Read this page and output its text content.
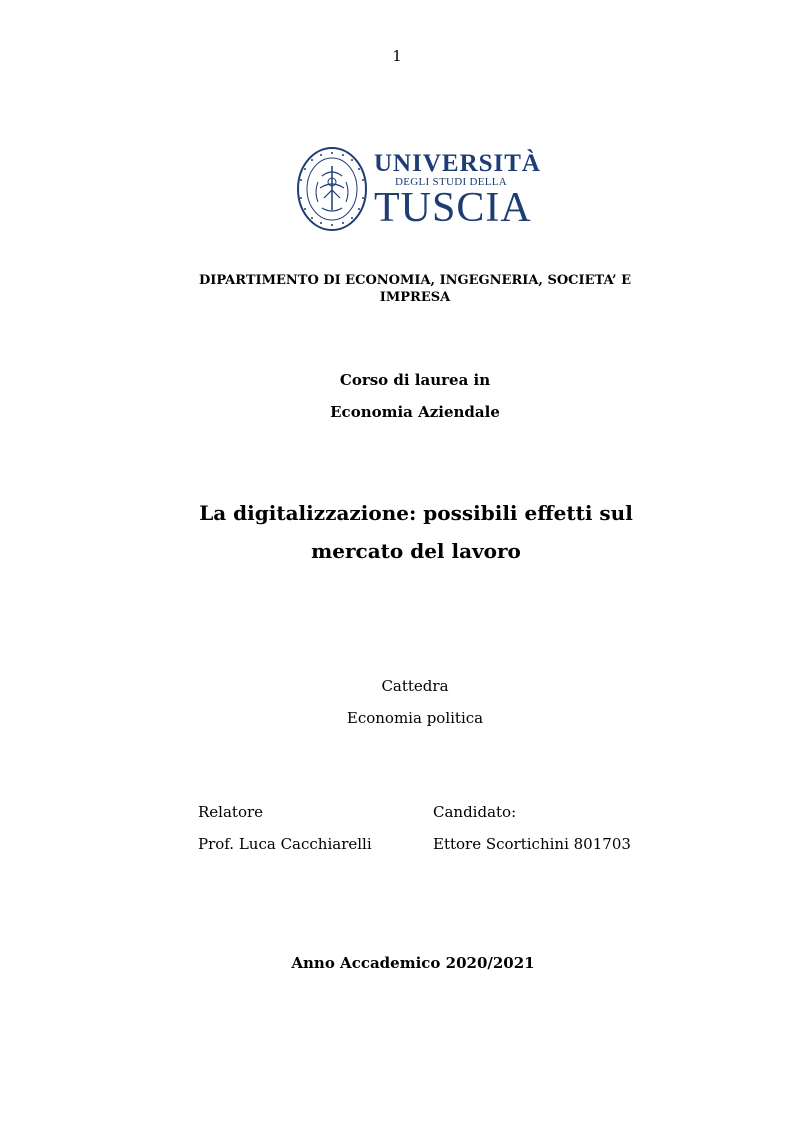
1
UNIVERSITÀ
DEGLI STUDI DELLA
TUSCIA
DIPARTIMENTO DI ECONOMIA, INGEGNERIA, SOCIETA’ E IMPRESA
Corso di laurea in
Economia Aziendale
La digitalizzazione: possibili effetti sul mercato del lavoro
Cattedra
Economia politica
Relatore
Prof. Luca Cacchiarelli
Candidato:
Ettore Scortichini 801703
Anno Accademico 2020/2021
